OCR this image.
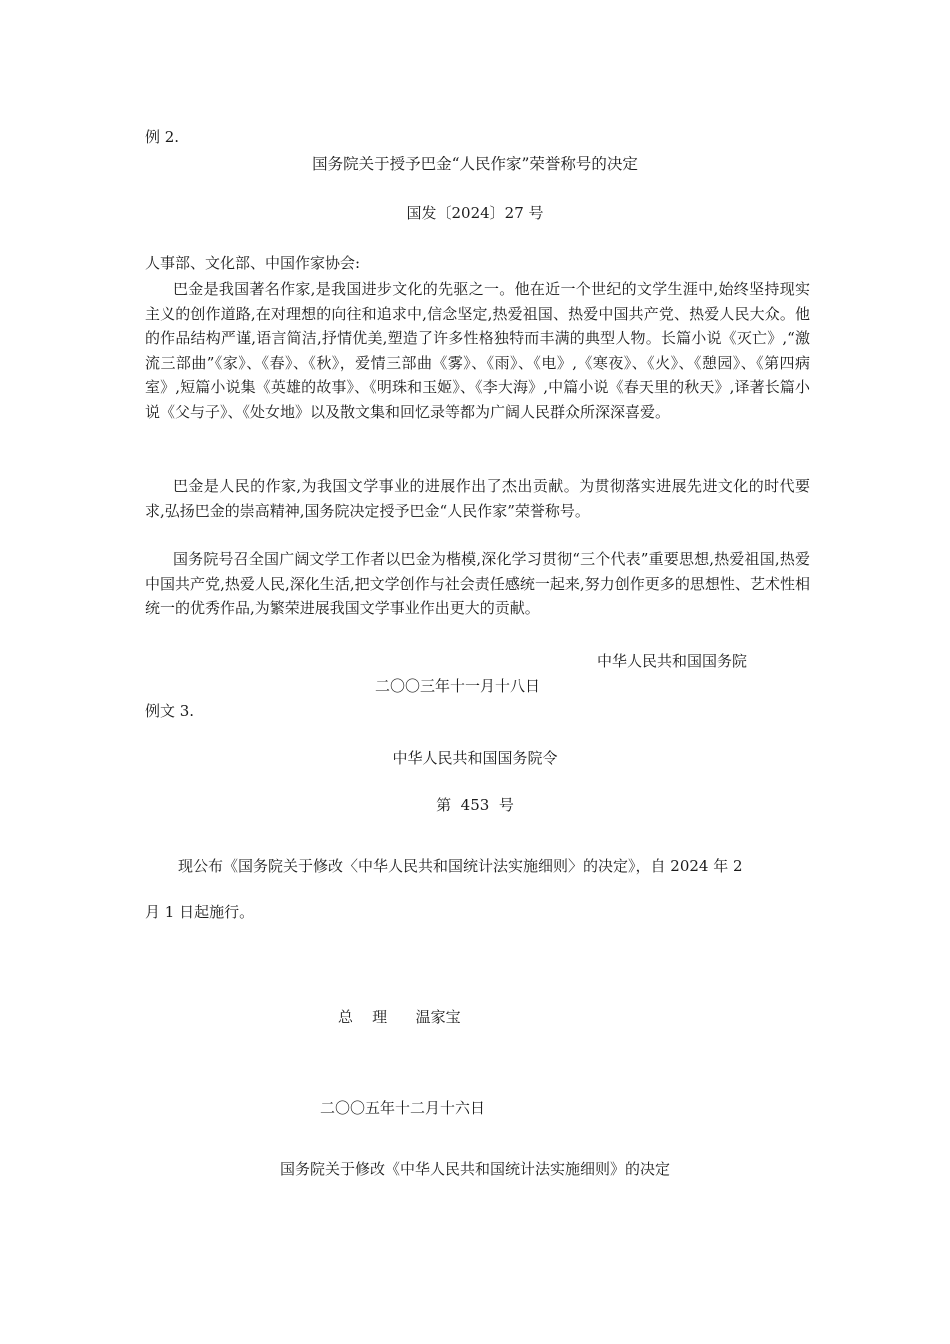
例 2.
国务院关于授予巴金“人民作家”荣誉称号的决定
国发〔2024〕27 号
人事部、文化部、中国作家协会:
巴金是我国著名作家,是我国进步文化的先驱之一。他在近一个世纪的文学生涯中,始终坚持现实主义的创作道路,在对理想的向往和追求中,信念坚定,热爱祖国、热爱中国共产党、热爱人民大众。他的作品结构严谨,语言简洁,抒情优美,塑造了许多性格独特而丰满的典型人物。长篇小说《灭亡》,“激流三部曲”《家》、《春》、《秋》，爱情三部曲《雾》、《雨》、《电》,《寒夜》、《火》、《憩园》、《第四病室》,短篇小说集《英雄的故事》、《明珠和玉姬》、《李大海》,中篇小说《春天里的秋天》,译著长篇小说《父与子》、《处女地》以及散文集和回忆录等都为广阔人民群众所深深喜爱。
巴金是人民的作家,为我国文学事业的进展作出了杰出贡献。为贯彻落实进展先进文化的时代要求,弘扬巴金的崇高精神,国务院决定授予巴金“人民作家”荣誉称号。
国务院号召全国广阔文学工作者以巴金为楷模,深化学习贯彻“三个代表”重要思想,热爱祖国,热爱中国共产党,热爱人民,深化生活,把文学创作与社会责任感统一起来,努力创作更多的思想性、艺术性相统一的优秀作品,为繁荣进展我国文学事业作出更大的贡献。
中华人民共和国国务院
二〇〇三年十一月十八日
例文 3.
中华人民共和国国务院令
第  453  号
现公布《国务院关于修改〈中华人民共和国统计法实施细则〉的决定》，自 2024 年 2
月 1 日起施行。
总    理      温家宝
二〇〇五年十二月十六日
国务院关于修改《中华人民共和国统计法实施细则》的决定
